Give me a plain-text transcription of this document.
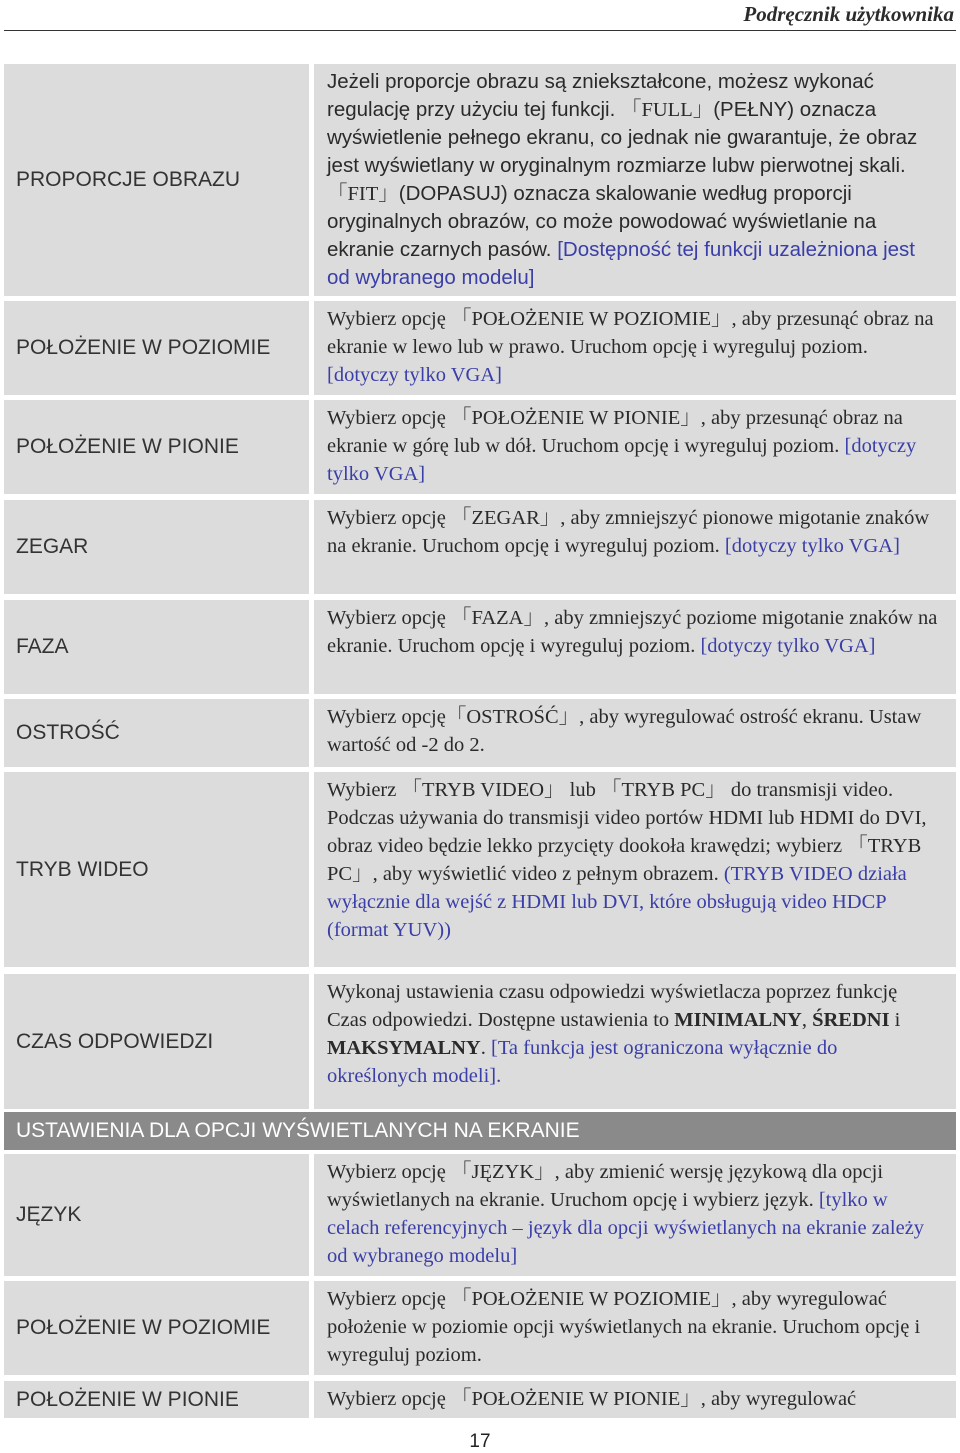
Podręcznik użytkownika
PROPORCJE OBRAZU
Jeżeli proporcje obrazu są zniekształcone, możesz wykonać regulację przy użyciu tej funkcji. 「FULL」(PEŁNY) oznacza wyświetlenie pełnego ekranu, co jednak nie gwarantuje, że obraz jest wyświetlany w oryginalnym rozmiarze lubw pierwotnej skali. 「FIT」(DOPASUJ) oznacza skalowanie według proporcji oryginalnych obrazów, co może powodować wyświetlanie na ekranie czarnych pasów. [Dostępność tej funkcji uzależniona jest od wybranego modelu]
POŁOŻENIE W POZIOMIE
Wybierz opcję 「POŁOŻENIE W POZIOMIE」, aby przesunąć obraz na ekranie w lewo lub w prawo. Uruchom opcję i wyreguluj poziom. [dotyczy tylko VGA]
POŁOŻENIE W PIONIE
Wybierz opcję 「POŁOŻENIE W PIONIE」, aby przesunąć obraz na ekranie w górę lub w dół. Uruchom opcję i wyreguluj poziom. [dotyczy tylko VGA]
ZEGAR
Wybierz opcję 「ZEGAR」, aby zmniejszyć pionowe migotanie znaków na ekranie. Uruchom opcję i wyreguluj poziom. [dotyczy tylko VGA]
FAZA
Wybierz opcję 「FAZA」, aby zmniejszyć poziome migotanie znaków na ekranie. Uruchom opcję i wyreguluj poziom. [dotyczy tylko VGA]
OSTROŚĆ
Wybierz opcję「OSTROŚĆ」, aby wyregulować ostrość ekranu. Ustaw wartość od -2 do 2.
TRYB WIDEO
Wybierz 「TRYB VIDEO」 lub 「TRYB PC」 do transmisji video. Podczas używania do transmisji video portów HDMI lub HDMI do DVI, obraz video będzie lekko przycięty dookoła krawędzi; wybierz 「TRYB PC」, aby wyświetlić video z pełnym obrazem. (TRYB VIDEO działa wyłącznie dla wejść z HDMI lub DVI, które obsługują video HDCP (format YUV))
CZAS ODPOWIEDZI
Wykonaj ustawienia czasu odpowiedzi wyświetlacza poprzez funkcję Czas odpowiedzi. Dostępne ustawienia to MINIMALNY, ŚREDNI i MAKSYMALNY. [Ta funkcja jest ograniczona wyłącznie do określonych modeli].
USTAWIENIA DLA OPCJI WYŚWIETLANYCH NA EKRANIE
JĘZYK
Wybierz opcję 「JĘZYK」, aby zmienić wersję językową dla opcji wyświetlanych na ekranie. Uruchom opcję i wybierz język. [tylko w celach referencyjnych – język dla opcji wyświetlanych na ekranie zależy od wybranego modelu]
POŁOŻENIE W POZIOMIE
Wybierz opcję 「POŁOŻENIE W POZIOMIE」, aby wyregulować położenie w poziomie opcji wyświetlanych na ekranie. Uruchom opcję i wyreguluj poziom.
POŁOŻENIE W PIONIE	Wybierz opcję 「POŁOŻENIE W PIONIE」, aby wyregulować
17
